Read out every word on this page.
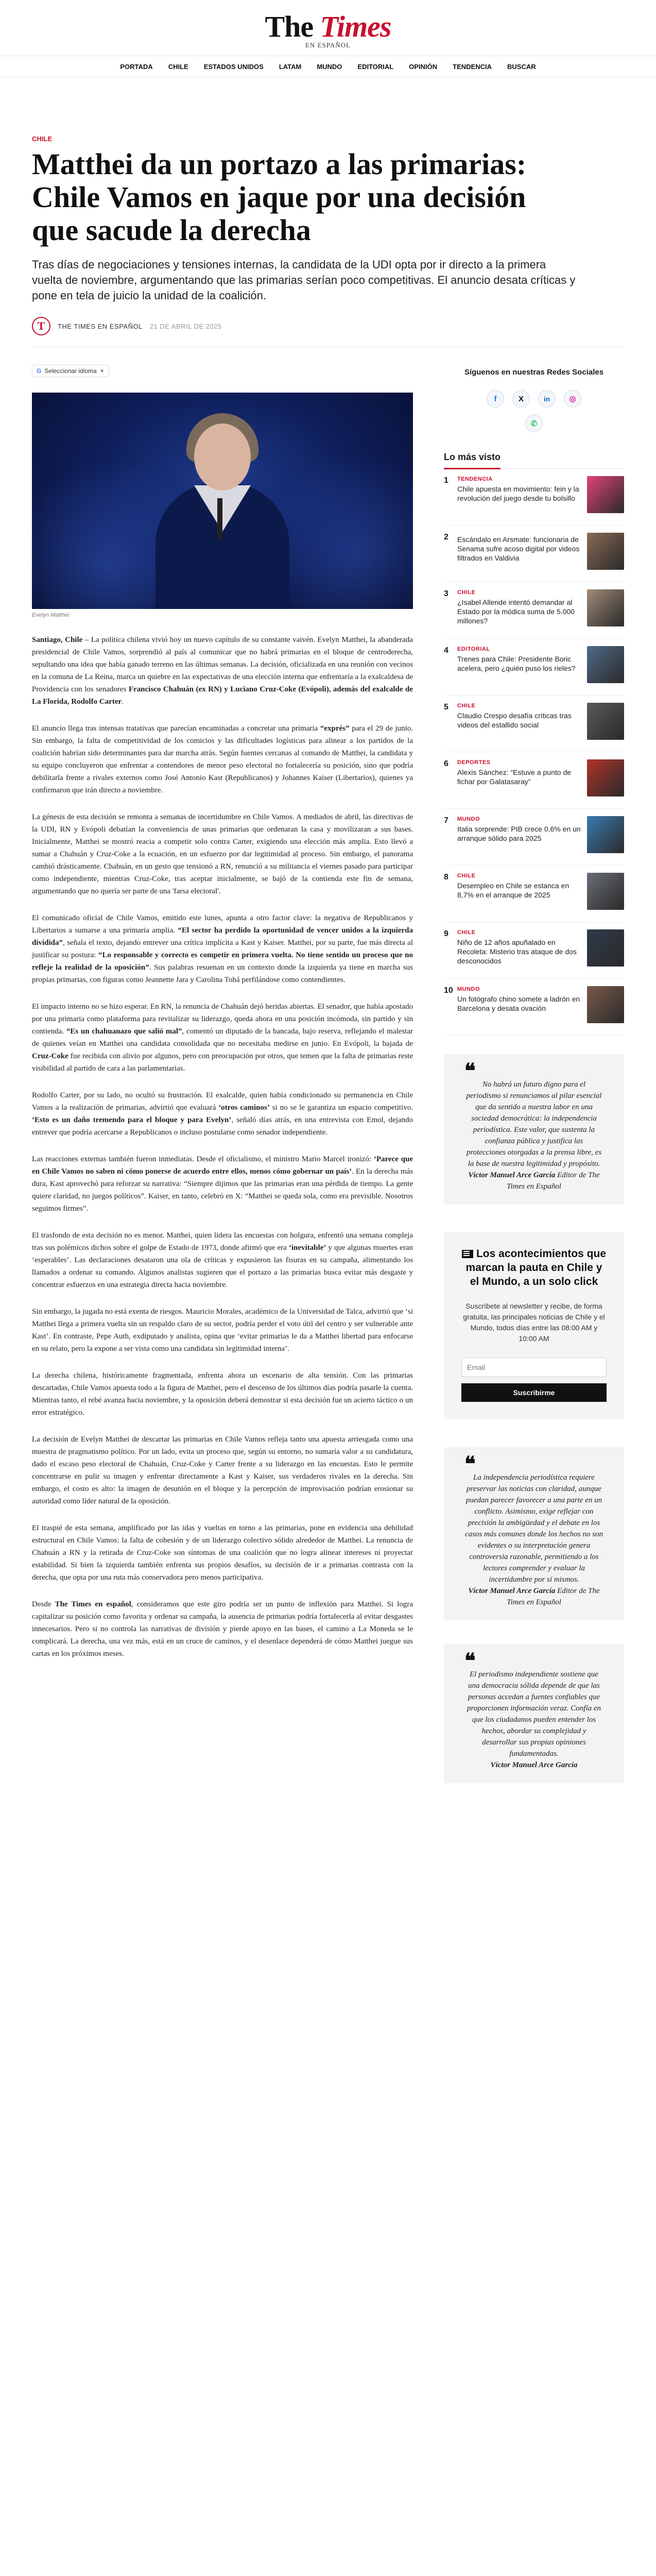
The Times
EN ESPAÑOL
PORTADA	CHILE	ESTADOS UNIDOS	LATAM	MUNDO	EDITORIAL	OPINIÓN	TENDENCIA	BUSCAR
CHILE
Matthei da un portazo a las primarias: Chile Vamos en jaque por una decisión que sacude la derecha

Tras días de negociaciones y tensiones internas, la candidata de la UDI opta por ir directo a la primera vuelta de noviembre, argumentando que las primarias serían poco competitivas. El anuncio desata críticas y pone en tela de juicio la unidad de la coalición.

T	THE TIMES EN ESPAÑOL 21 DE ABRIL DE 2025
G Seleccionar idioma ▼
Evelyn Matthei

Santiago, Chile – La política chilena vivió hoy un nuevo capítulo de su constante vaivén. Evelyn Matthei, la abanderada presidencial de Chile Vamos, sorprendió al país al comunicar que no habrá primarias en el bloque de centroderecha, sepultando una idea que había ganado terreno en las últimas semanas. La decisión, oficializada en una reunión con vecinos en la comuna de La Reina, marca un quiebre en las expectativas de una elección interna que enfrentaría a la exalcaldesa de Providencia con los senadores Francisco Chahuán (ex RN) y Luciano Cruz-Coke (Evópoli), además del exalcalde de La Florida, Rodolfo Carter.

El anuncio llega tras intensas tratativas que parecían encaminadas a concretar una primaria “exprés” para el 29 de junio. Sin embargo, la falta de competitividad de los comicios y las dificultades logísticas para alinear a los partidos de la coalición habrían sido determinantes para dar marcha atrás. Según fuentes cercanas al comando de Matthei, la candidata y su equipo concluyeron que enfrentar a contendores de menor peso electoral no fortalecería su posición, sino que podría debilitarla frente a rivales externos como José Antonio Kast (Republicanos) y Johannes Kaiser (Libertarios), quienes ya confirmaron que irán directo a noviembre.

La génesis de esta decisión se remonta a semanas de incertidumbre en Chile Vamos. A mediados de abril, las directivas de la UDI, RN y Evópoli debatían la conveniencia de unas primarias que ordenaran la casa y movilizaran a sus bases. Inicialmente, Matthei se mostró reacia a competir solo contra Carter, exigiendo una elección más amplia. Esto llevó a sumar a Chahuán y Cruz-Coke a la ecuación, en un esfuerzo por dar legitimidad al proceso. Sin embargo, el panorama cambió drásticamente. Chahuán, en un gesto que tensionó a RN, renunció a su militancia el viernes pasado para participar como independiente, mientras Cruz-Coke, tras aceptar inicialmente, se bajó de la contienda este fin de semana, argumentando que no quería ser parte de una 'farsa electoral'.

El comunicado oficial de Chile Vamos, emitido este lunes, apunta a otro factor clave: la negativa de Republicanos y Libertarios a sumarse a una primaria amplia. “El sector ha perdido la oportunidad de vencer unidos a la izquierda dividida”, señala el texto, dejando entrever una crítica implícita a Kast y Kaiser. Matthei, por su parte, fue más directa al justificar su postura: “Lo responsable y correcto es competir en primera vuelta. No tiene sentido un proceso que no refleje la realidad de la oposición”. Sus palabras resuenan en un contexto donde la izquierda ya tiene en marcha sus propias primarias, con figuras como Jeannette Jara y Carolina Tohá perfilándose como contendientes.

El impacto interno no se hizo esperar. En RN, la renuncia de Chahuán dejó heridas abiertas. El senador, que había apostado por una primaria como plataforma para revitalizar su liderazgo, queda ahora en una posición incómoda, sin partido y sin contienda. “Es un chahuanazo que salió mal”, comentó un diputado de la bancada, bajo reserva, reflejando el malestar de quienes veían en Matthei una candidata consolidada que no necesitaba medirse en junio. En Evópoli, la bajada de Cruz-Coke fue recibida con alivio por algunos, pero con preocupación por otros, que temen que la falta de primarias reste visibilidad al partido de cara a las parlamentarias.

Rodolfo Carter, por su lado, no ocultó su frustración. El exalcalde, quien había condicionado su permanencia en Chile Vamos a la realización de primarias, advirtió que evaluará ‘otros caminos’ si no se le garantiza un espacio competitivo. ‘Esto es un daño tremendo para el bloque y para Evelyn’, señaló días atrás, en una entrevista con Emol, dejando entrever que podría acercarse a Republicanos o incluso postularse como senador independiente.

Las reacciones externas también fueron inmediatas. Desde el oficialismo, el ministro Mario Marcel ironizó: ‘Parece que en Chile Vamos no saben ni cómo ponerse de acuerdo entre ellos, menos cómo gobernar un país’. En la derecha más dura, Kast aprovechó para reforzar su narrativa: “Siempre dijimos que las primarias eran una pérdida de tiempo. La gente quiere claridad, no juegos políticos”. Kaiser, en tanto, celebró en X: “Matthei se queda sola, como era previsible. Nosotros seguimos firmes”.

El trasfondo de esta decisión no es menor. Matthei, quien lidera las encuestas con holgura, enfrentó una semana compleja tras sus polémicos dichos sobre el golpe de Estado de 1973, donde afirmó que era ‘inevitable’ y que algunas muertes eran ‘esperables’. Las declaraciones desataron una ola de críticas y expusieron las fisuras en su campaña, alimentando los llamados a ordenar su comando. Algunos analistas sugieren que el portazo a las primarias busca evitar más desgaste y concentrar esfuerzos en una estrategia directa hacia noviembre.

Sin embargo, la jugada no está exenta de riesgos. Mauricio Morales, académico de la Universidad de Talca, advirtió que ‘si Matthei llega a primera vuelta sin un respaldo claro de su sector, podría perder el voto útil del centro y ser vulnerable ante Kast’. En contraste, Pepe Auth, exdiputado y analista, opina que ‘evitar primarias le da a Matthei libertad para enfocarse en su relato, pero la expone a ser vista como una candidata sin legitimidad interna’.

La derecha chilena, históricamente fragmentada, enfrenta ahora un escenario de alta tensión. Con las primarias descartadas, Chile Vamos apuesta todo a la figura de Matthei, pero el descenso de los últimos días podría pasarle la cuenta. Mientras tanto, el rebé avanza hacia noviembre, y la oposición deberá demostrar si esta decisión fue un acierto táctico o un error estratégico.

La decisión de Evelyn Matthei de descartar las primarias en Chile Vamos refleja tanto una apuesta arriesgada como una muestra de pragmatismo político. Por un lado, evita un proceso que, según su entorno, no sumaría valor a su candidatura, dado el escaso peso electoral de Chahuán, Cruz-Coke y Carter frente a su liderazgo en las encuestas. Esto le permite concentrarse en pulir su imagen y enfrentar directamente a Kast y Kaiser, sus verdaderos rivales en la derecha. Sin embargo, el costo es alto: la imagen de desunión en el bloque y la percepción de improvisación podrían erosionar su autoridad como líder natural de la oposición.

El traspié de esta semana, amplificado por las idas y vueltas en torno a las primarias, pone en evidencia una debilidad estructural en Chile Vamos: la falta de cohesión y de un liderazgo colectivo sólido alrededor de Matthei. La renuncia de Chahuán a RN y la retirada de Cruz-Coke son síntomas de una coalición que no logra alinear intereses ni proyectar estabilidad. Si bien la izquierda también enfrenta sus propios desafíos, su decisión de ir a primarias contrasta con la derecha, que opta por una ruta más conservadora pero menos participativa.

Desde The Times en español, consideramos que este giro podría ser un punto de inflexión para Matthei. Si logra capitalizar su posición como favorita y ordenar su campaña, la ausencia de primarias podría fortalecerla al evitar desgastes innecesarios. Pero si no controla las narrativas de división y pierde apoyo en las bases, el camino a La Moneda se le complicará. La derecha, una vez más, está en un cruce de caminos, y el desenlace dependerá de cómo Matthei juegue sus cartas en los próximos meses.

Síguenos en nuestras Redes Sociales
f	X	in	◎
✆
Lo más visto
1	TENDENCIA
Chile apuesta en movimiento: fein y la revolución del juego desde tu bolsillo
2	Escándalo en Arsmate: funcionaria de Senama sufre acoso digital por videos filtrados en Valdivia
3	CHILE
¿Isabel Allende intentó demandar al Estado por la módica suma de 5.000 millones?
4	EDITORIAL
Trenes para Chile: Presidente Boric acelera, pero ¿quién puso los rieles?
5	CHILE
Claudio Crespo desafía críticas tras videos del estallido social
6	DEPORTES
Alexis Sánchez: “Estuve a punto de fichar por Galatasaray”
7	MUNDO
Italia sorprende: PIB crece 0,6% en un arranque sólido para 2025
8	CHILE
Desempleo en Chile se estanca en 8,7% en el arranque de 2025
9	CHILE
Niño de 12 años apuñalado en Recoleta: Misterio tras ataque de dos desconocidos
10 MUNDO
Un fotógrafo chino somete a ladrón en Barcelona y desata ovación
❝

No habrá un futuro digno para el periodismo si renunciamos al pilar esencial que da sentido a nuestra labor en una sociedad democrática: la independencia periodística. Este valor, que sustenta la confianza pública y justifica las protecciones otorgadas a la prensa libre, es la base de nuestra legitimidad y propósito.

Víctor Manuel Arce García Editor de The Times en Español

Los acontecimientos que marcan la pauta en Chile y el Mundo, a un solo click

Suscríbete al newsletter y recibe, de forma gratuita, las principales noticias de Chile y el Mundo, todos días entre las 08:00 AM y 10:00 AM

Email
Suscribirme
❝

La independencia periodística requiere preservar las noticias con claridad, aunque puedan parecer favorecer a una parte en un conflicto. Asimismo, exige reflejar con precisión la ambigüedad y el debate en los casos más comunes donde los hechos no son evidentes o su interpretación genera controversia razonable, permitiendo a los lectores comprender y evaluar la incertidumbre por sí mismos.

Víctor Manuel Arce García Editor de The Times en Español

❝

El periodismo independiente sostiene que una democracia sólida depende de que las personas accedan a fuentes confiables que proporcionen información veraz. Confía en que los ciudadanos pueden entender los hechos, abordar su complejidad y desarrollar sus propias opiniones fundamentadas.

Víctor Manuel Arce García
